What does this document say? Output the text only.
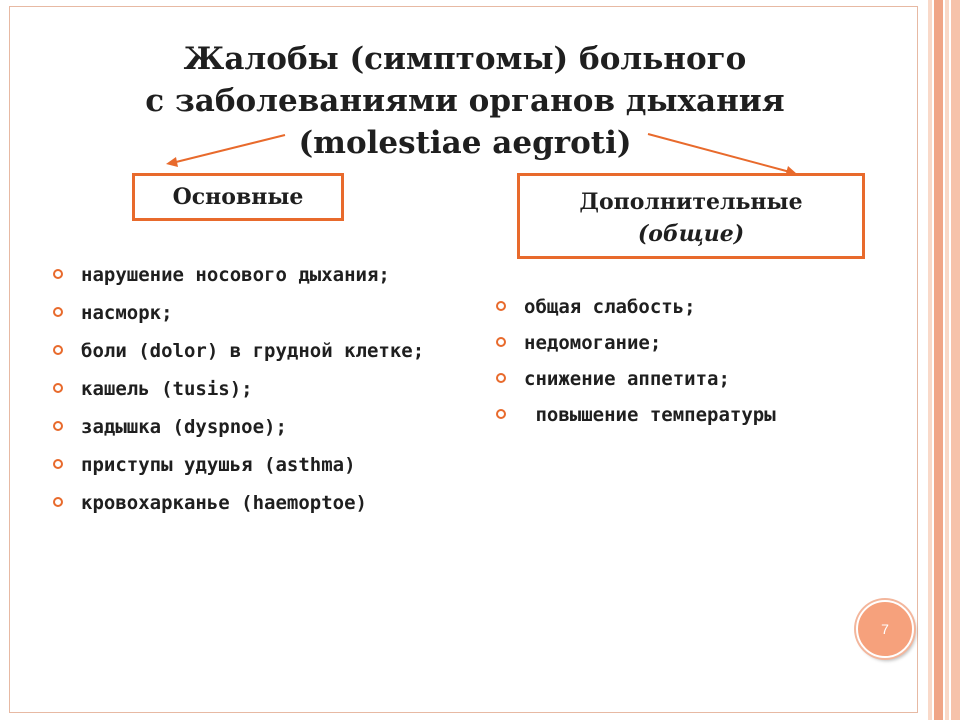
Жалобы (симптомы) больного
с заболеваниями органов дыхания
(molestiae aegroti)
Основные	Дополнительные
(общие)
нарушение носового дыхания;
насморк;
боли (dolor) в грудной клетке;
кашель (tusis);
задышка (dyspnoe);
приступы удушья (asthma)
кровохарканье (haemoptoe)
общая слабость;
недомогание;
снижение аппетита;
повышение температуры
7
